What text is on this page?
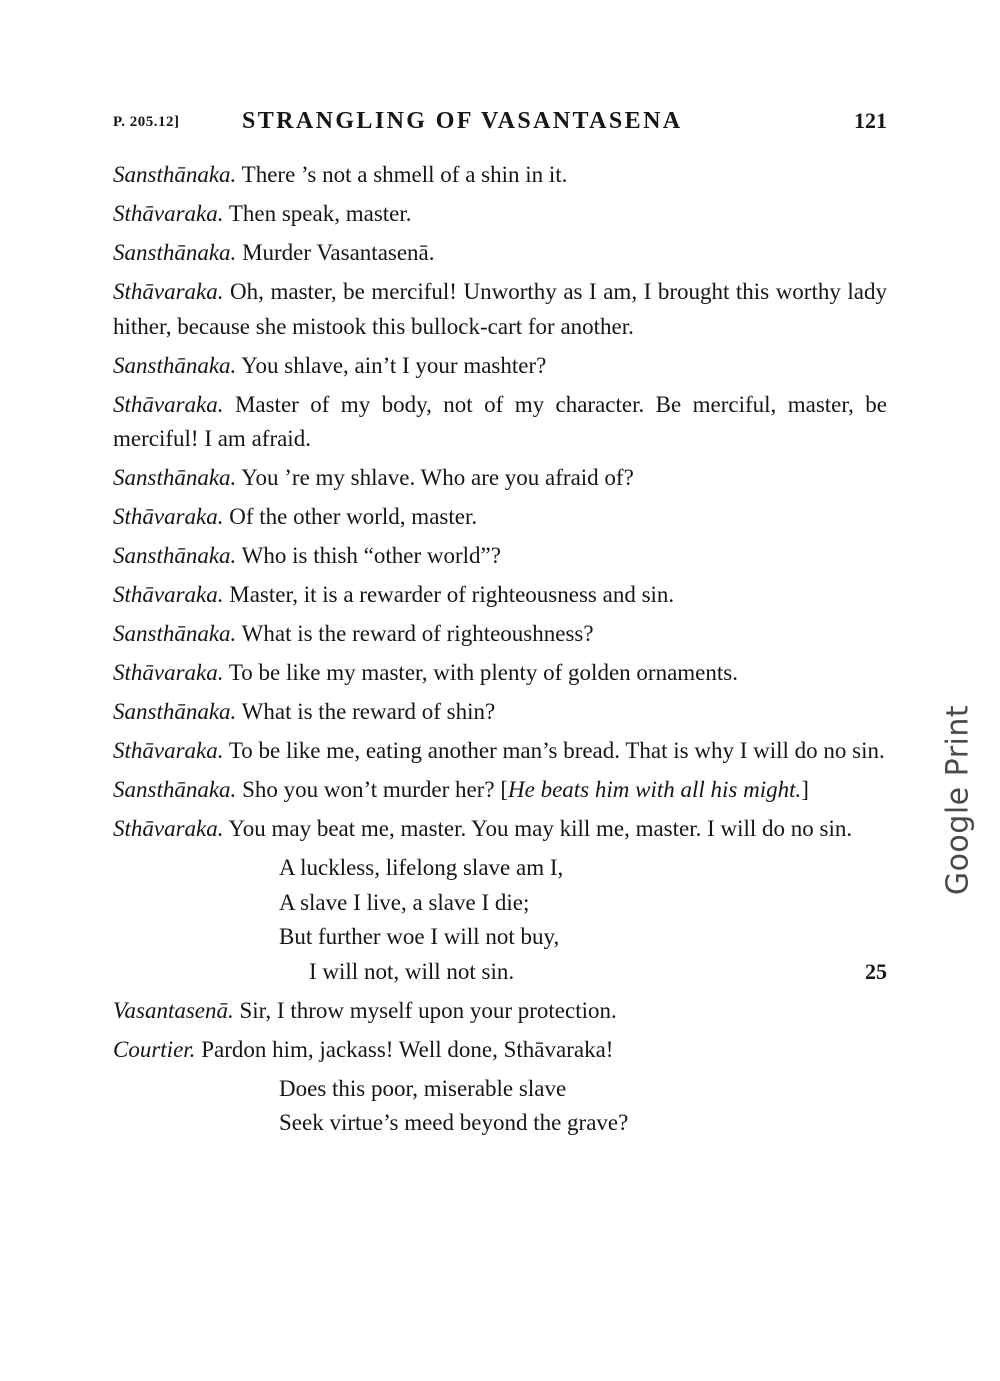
P. 205.12]	STRANGLING OF VASANTASENA	121

Sansthānaka. There ’s not a shmell of a shin in it.

Sthāvaraka. Then speak, master.

Sansthānaka. Murder Vasantasenā.

Sthāvaraka. Oh, master, be merciful! Unworthy as I am, I brought this worthy lady hither, because she mistook this bullock-cart for another.

Sansthānaka. You shlave, ain’t I your mashter?

Sthāvaraka. Master of my body, not of my character. Be merciful, master, be merciful! I am afraid.

Sansthānaka. You ’re my shlave. Who are you afraid of?

Sthāvaraka. Of the other world, master.

Sansthānaka. Who is thish “other world”?

Sthāvaraka. Master, it is a rewarder of righteousness and sin.

Sansthānaka. What is the reward of righteoushness?

Sthāvaraka. To be like my master, with plenty of golden ornaments.

Sansthānaka. What is the reward of shin?

Sthāvaraka. To be like me, eating another man’s bread. That is why I will do no sin.

Sansthānaka. Sho you won’t murder her? [He beats him with all his might.]

Sthāvaraka. You may beat me, master. You may kill me, master. I will do no sin.

A luckless, lifelong slave am I,
A slave I live, a slave I die;
But further woe I will not buy,
I will not, will not sin.	25

Vasantasenā. Sir, I throw myself upon your protection.

Courtier. Pardon him, jackass! Well done, Sthāvaraka!

Does this poor, miserable slave
Seek virtue’s meed beyond the grave?
Google Print
